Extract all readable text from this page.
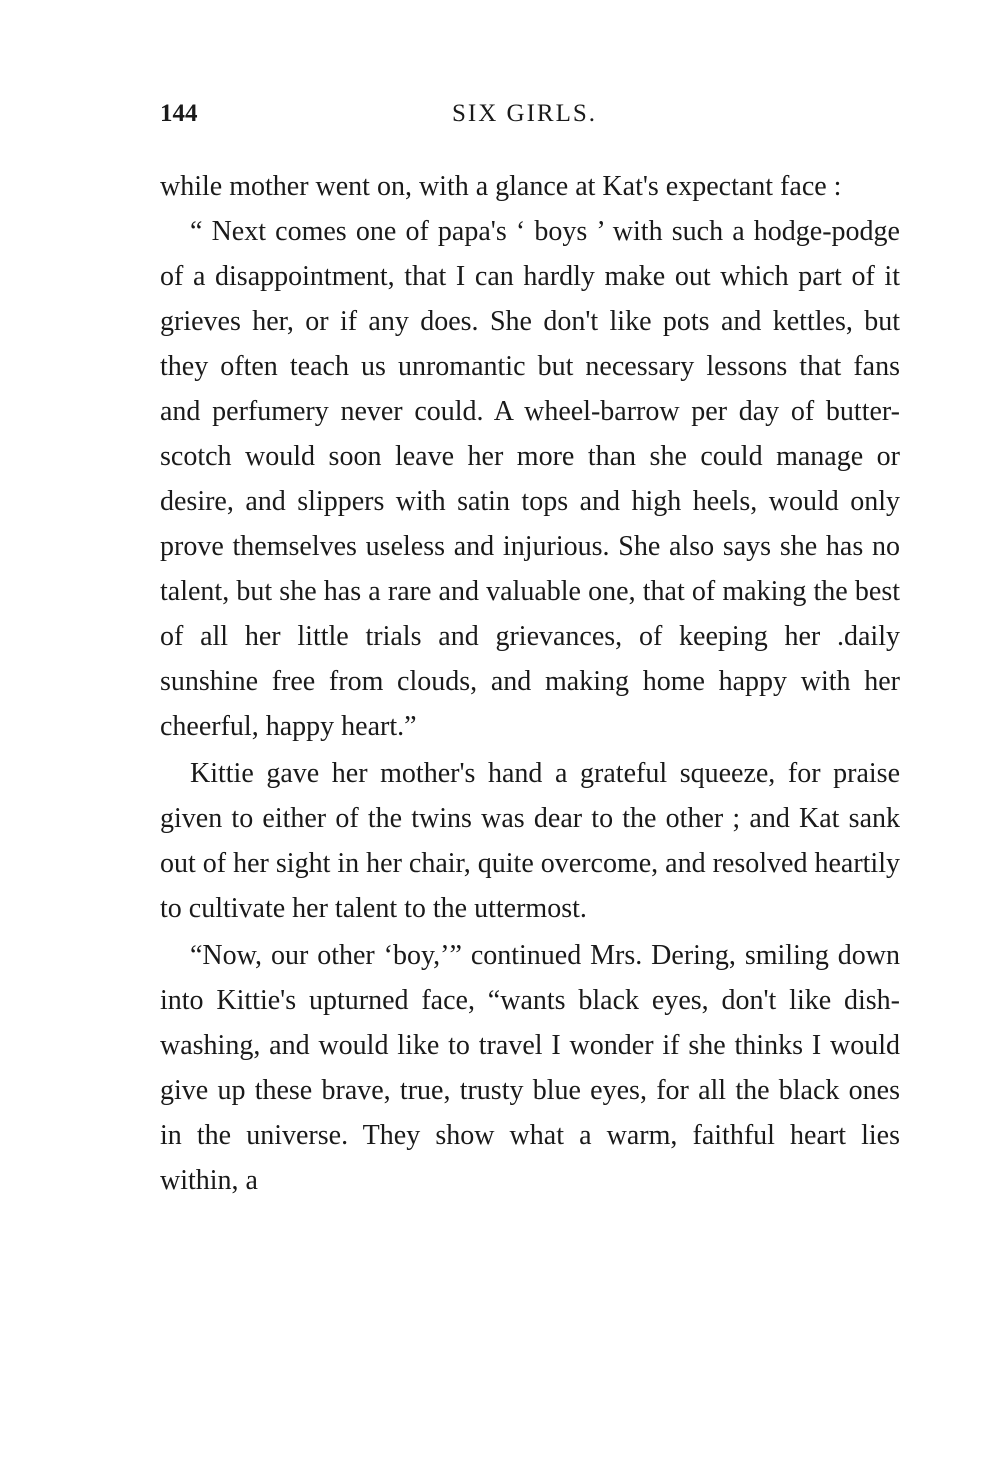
144	SIX GIRLS.

while mother went on, with a glance at Kat's expectant face :

“ Next comes one of papa's ‘ boys ’ with such a hodge-podge of a disappointment, that I can hardly make out which part of it grieves her, or if any does. She don't like pots and kettles, but they often teach us unromantic but necessary lessons that fans and perfumery never could. A wheel-barrow per day of butter-scotch would soon leave her more than she could manage or desire, and slippers with satin tops and high heels, would only prove themselves useless and injurious. She also says she has no talent, but she has a rare and valuable one, that of making the best of all her little trials and grievances, of keeping her .daily sunshine free from clouds, and making home happy with her cheerful, happy heart.”

Kittie gave her mother's hand a grateful squeeze, for praise given to either of the twins was dear to the other ; and Kat sank out of her sight in her chair, quite overcome, and resolved heartily to cultivate her talent to the uttermost.

“Now, our other ‘boy,’” continued Mrs. Dering, smiling down into Kittie's upturned face, “wants black eyes, don't like dish-washing, and would like to travel I wonder if she thinks I would give up these brave, true, trusty blue eyes, for all the black ones in the universe. They show what a warm, faithful heart lies within, a
